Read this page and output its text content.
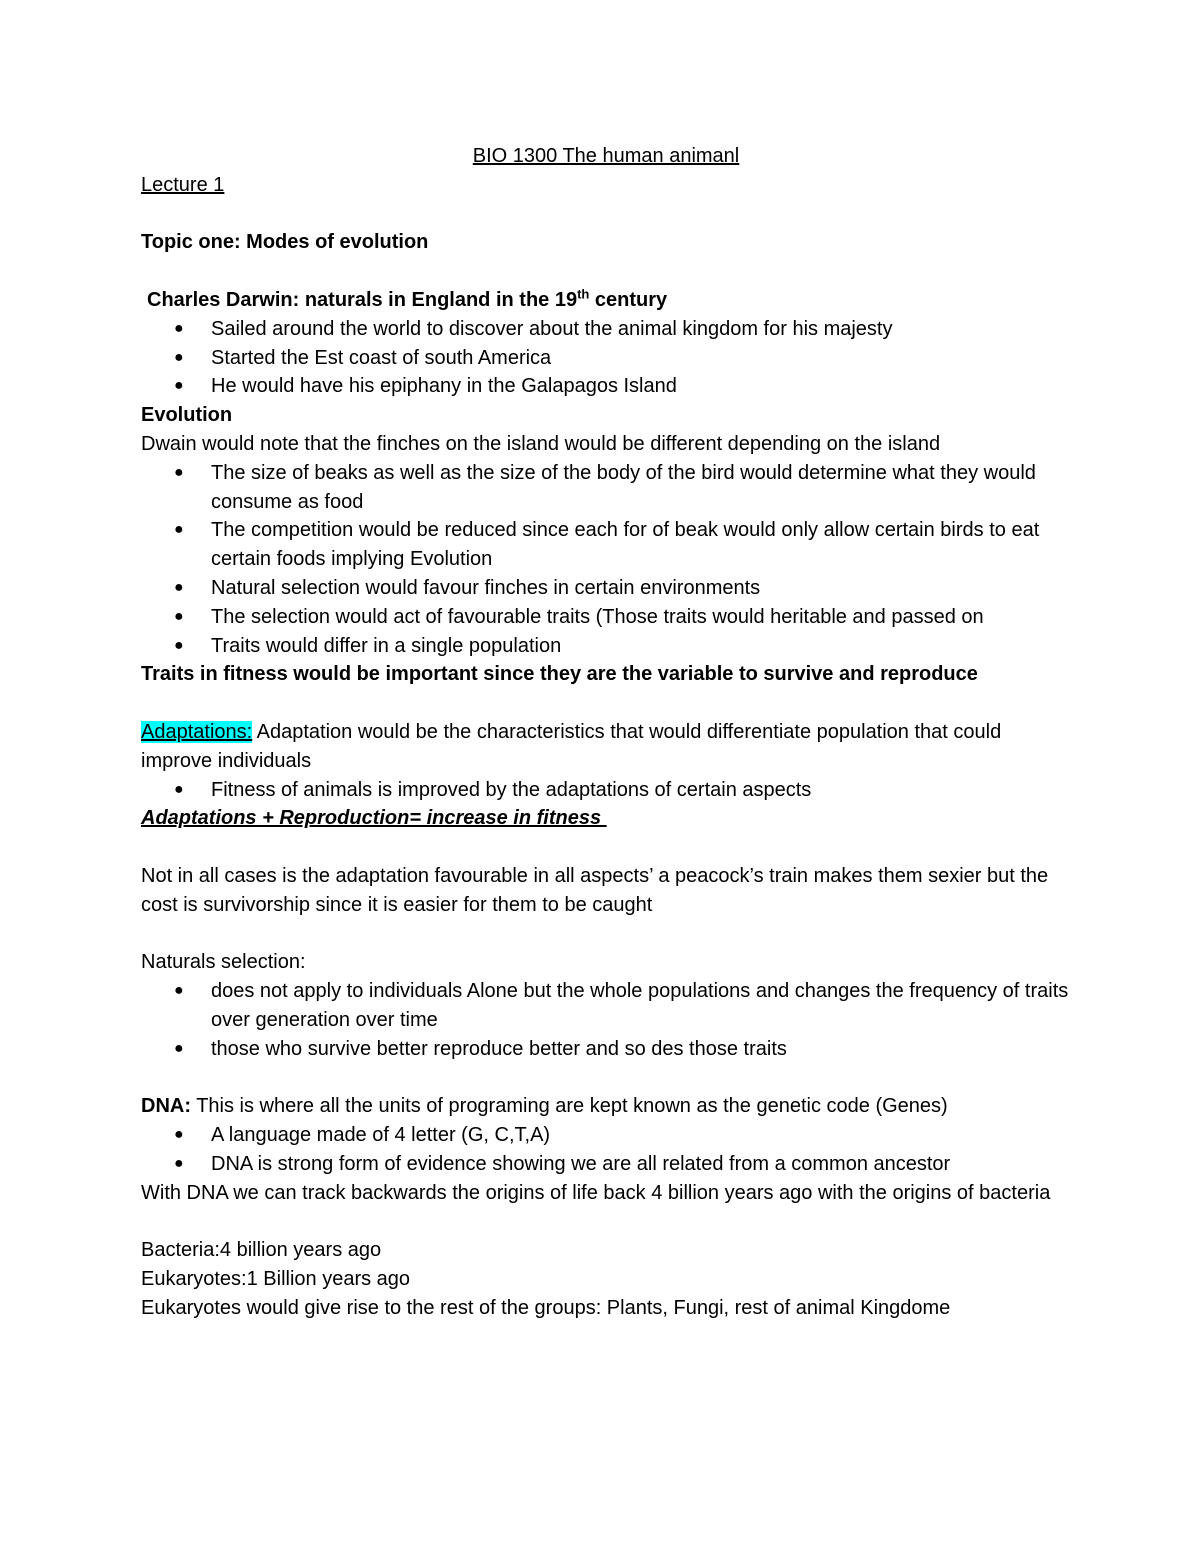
BIO 1300 The human animanl

Lecture 1

Topic one: Modes of evolution

Charles Darwin: naturals in England in the 19th century

● Sailed around the world to discover about the animal kingdom for his majesty
● Started the Est coast of south America
● He would have his epiphany in the Galapagos Island

Evolution

Dwain would note that the finches on the island would be different depending on the island

● The size of beaks as well as the size of the body of the bird would determine what they would consume as food
● The competition would be reduced since each for of beak would only allow certain birds to eat certain foods implying Evolution
● Natural selection would favour finches in certain environments
● The selection would act of favourable traits (Those traits would heritable and passed on
● Traits would differ in a single population

Traits in fitness would be important since they are the variable to survive and reproduce

Adaptations: Adaptation would be the characteristics that would differentiate population that could improve individuals

● Fitness of animals is improved by the adaptations of certain aspects

Adaptations + Reproduction= increase in fitness

Not in all cases is the adaptation favourable in all aspects’ a peacock’s train makes them sexier but the cost is survivorship since it is easier for them to be caught

Naturals selection:

● does not apply to individuals Alone but the whole populations and changes the frequency of traits over generation over time
● those who survive better reproduce better and so des those traits

DNA: This is where all the units of programing are kept known as the genetic code (Genes)

● A language made of 4 letter (G, C,T,A)
● DNA is strong form of evidence showing we are all related from a common ancestor

With DNA we can track backwards the origins of life back 4 billion years ago with the origins of bacteria

Bacteria:4 billion years ago

Eukaryotes:1 Billion years ago

Eukaryotes would give rise to the rest of the groups: Plants, Fungi, rest of animal Kingdome
